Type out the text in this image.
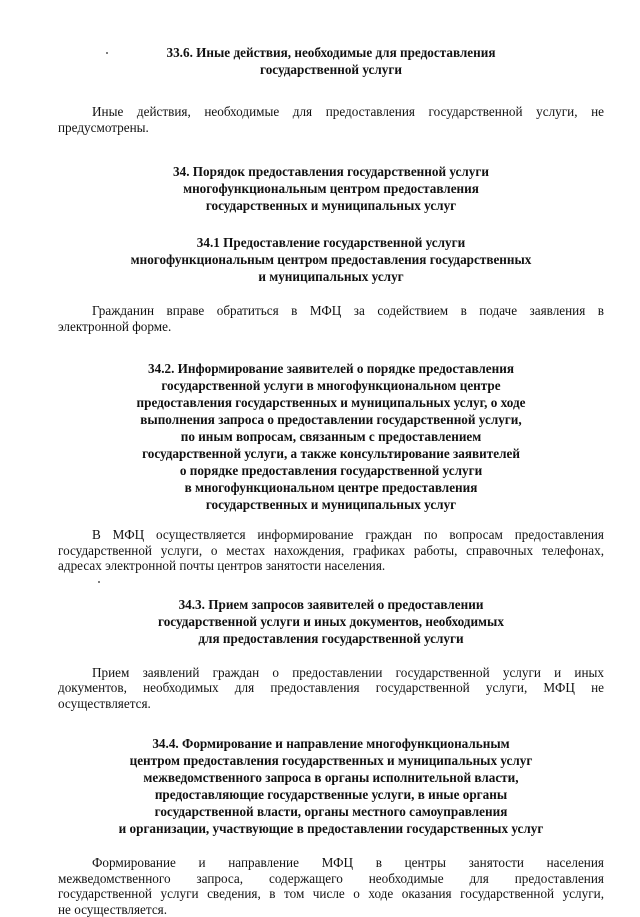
33.6. Иные действия, необходимые для предоставления
государственной услуги
Иные действия, необходимые для предоставления государственной услуги, не
предусмотрены.
34. Порядок предоставления государственной услуги
многофункциональным центром предоставления
государственных и муниципальных услуг
34.1 Предоставление государственной услуги
многофункциональным центром предоставления государственных
и муниципальных услуг
Гражданин вправе обратиться в МФЦ за содействием в подаче заявления в
электронной форме.
34.2. Информирование заявителей о порядке предоставления
государственной услуги в многофункциональном центре
предоставления государственных и муниципальных услуг, о ходе
выполнения запроса о предоставлении государственной услуги,
по иным вопросам, связанным с предоставлением
государственной услуги, а также консультирование заявителей
о порядке предоставления государственной услуги
в многофункциональном центре предоставления
государственных и муниципальных услуг
В МФЦ осуществляется информирование граждан по вопросам предоставления
государственной услуги, о местах нахождения, графиках работы, справочных телефонах,
адресах электронной почты центров занятости населения.
34.3. Прием запросов заявителей о предоставлении
государственной услуги и иных документов, необходимых
для предоставления государственной услуги
Прием заявлений граждан о предоставлении государственной услуги и иных
документов, необходимых для предоставления государственной услуги, МФЦ не
осуществляется.
34.4. Формирование и направление многофункциональным
центром предоставления государственных и муниципальных услуг
межведомственного запроса в органы исполнительной власти,
предоставляющие государственные услуги, в иные органы
государственной власти, органы местного самоуправления
и организации, участвующие в предоставлении государственных услуг
Формирование и направление МФЦ в центры занятости населения
межведомственного запроса, содержащего необходимые для предоставления
государственной услуги сведения, в том числе о ходе оказания государственной услуги,
не осуществляется.
